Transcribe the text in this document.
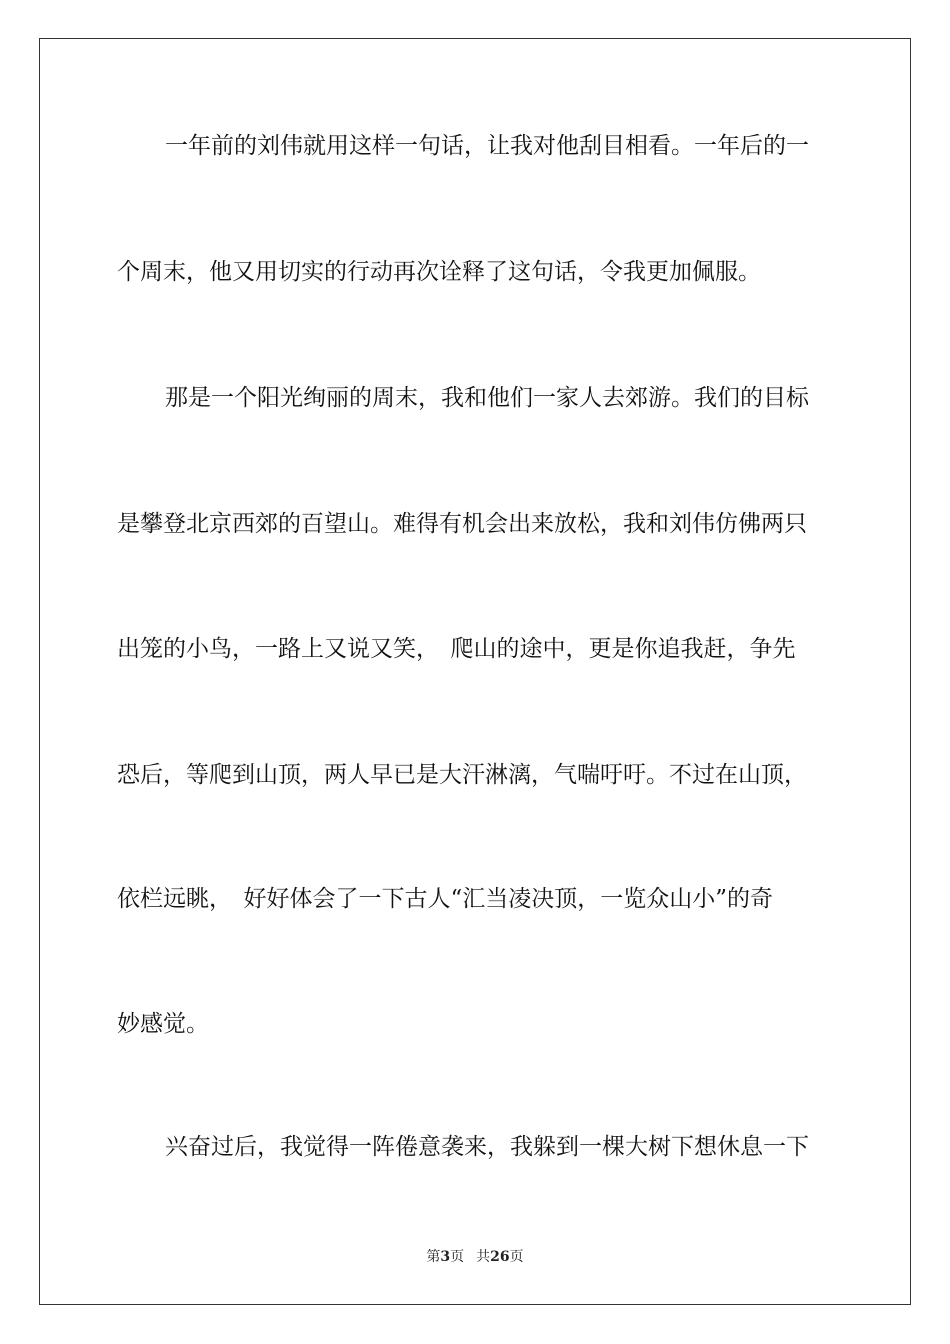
一年前的刘伟就用这样一句话，让我对他刮目相看。一年后的一
个周末，他又用切实的行动再次诠释了这句话，令我更加佩服。
那是一个阳光绚丽的周末，我和他们一家人去郊游。我们的目标
是攀登北京西郊的百望山。难得有机会出来放松，我和刘伟仿佛两只
出笼的小鸟，一路上又说又笑，　爬山的途中，更是你追我赶，争先
恐后，等爬到山顶，两人早已是大汗淋漓，气喘吁吁。不过在山顶，
依栏远眺，　好好体会了一下古人“汇当凌决顶，一览众山小”的奇
妙感觉。
兴奋过后，我觉得一阵倦意袭来，我躲到一棵大树下想休息一下
第3页 共26页
